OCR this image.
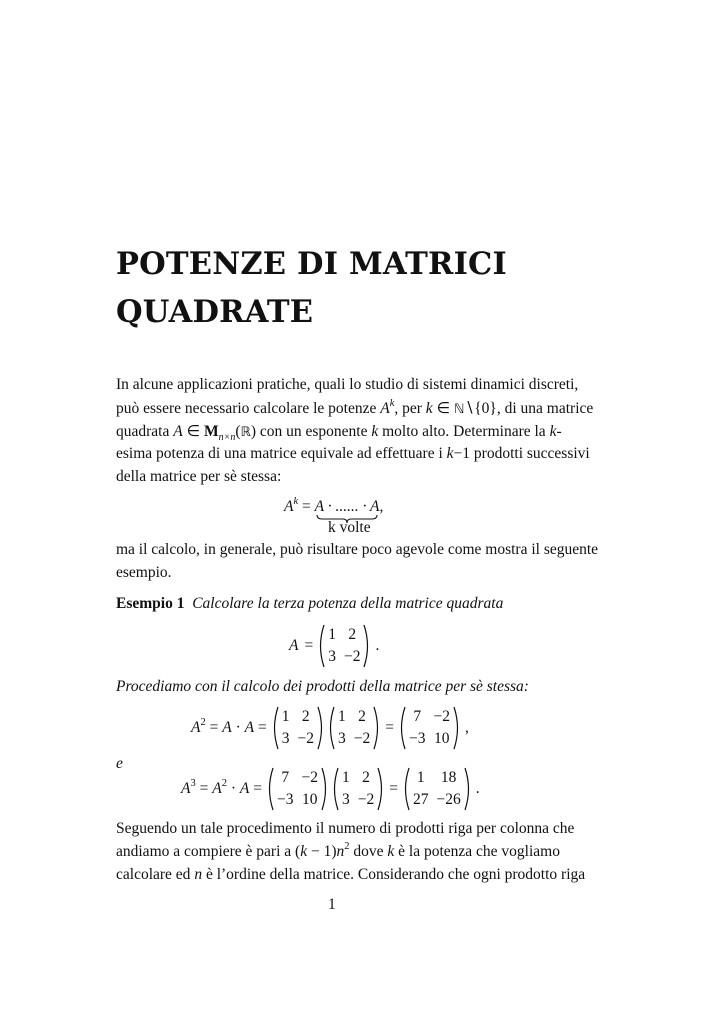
POTENZE DI MATRICI
QUADRATE
In alcune applicazioni pratiche, quali lo studio di sistemi dinamici discreti,
può essere necessario calcolare le potenze $A^k$, per k ∈ ℕ∖{0}, di una matrice
quadrata A ∈ $M_{n\times n}(ℝ)$ con un esponente k molto alto. Determinare la k-
esima potenza di una matrice equivale ad effettuare i k−1 prodotti successivi
della matrice per sè stessa:
$A^k = A$ · ...... · A,
k volte
ma il calcolo, in generale, può risultare poco agevole come mostra il seguente
esempio.
Esempio 1 Calcolare la terza potenza della matrice quadrata
A =
1	2
3	−2
.
Procediamo con il calcolo dei prodotti della matrice per sè stessa:
$A^2 = A \cdot A$ =
1	2
3	−2
1	2
3	−2
=
7	−2
−3	10
,
e
$A^3 = A^2 \cdot A$ =
7	−2
−3	10
1	2
3	−2
=
1	18
27	−26
.
Seguendo un tale procedimento il numero di prodotti riga per colonna che
andiamo a compiere è pari a $(k - 1)n^2$ dove k è la potenza che vogliamo
calcolare ed n è l’ordine della matrice. Considerando che ogni prodotto riga
1
